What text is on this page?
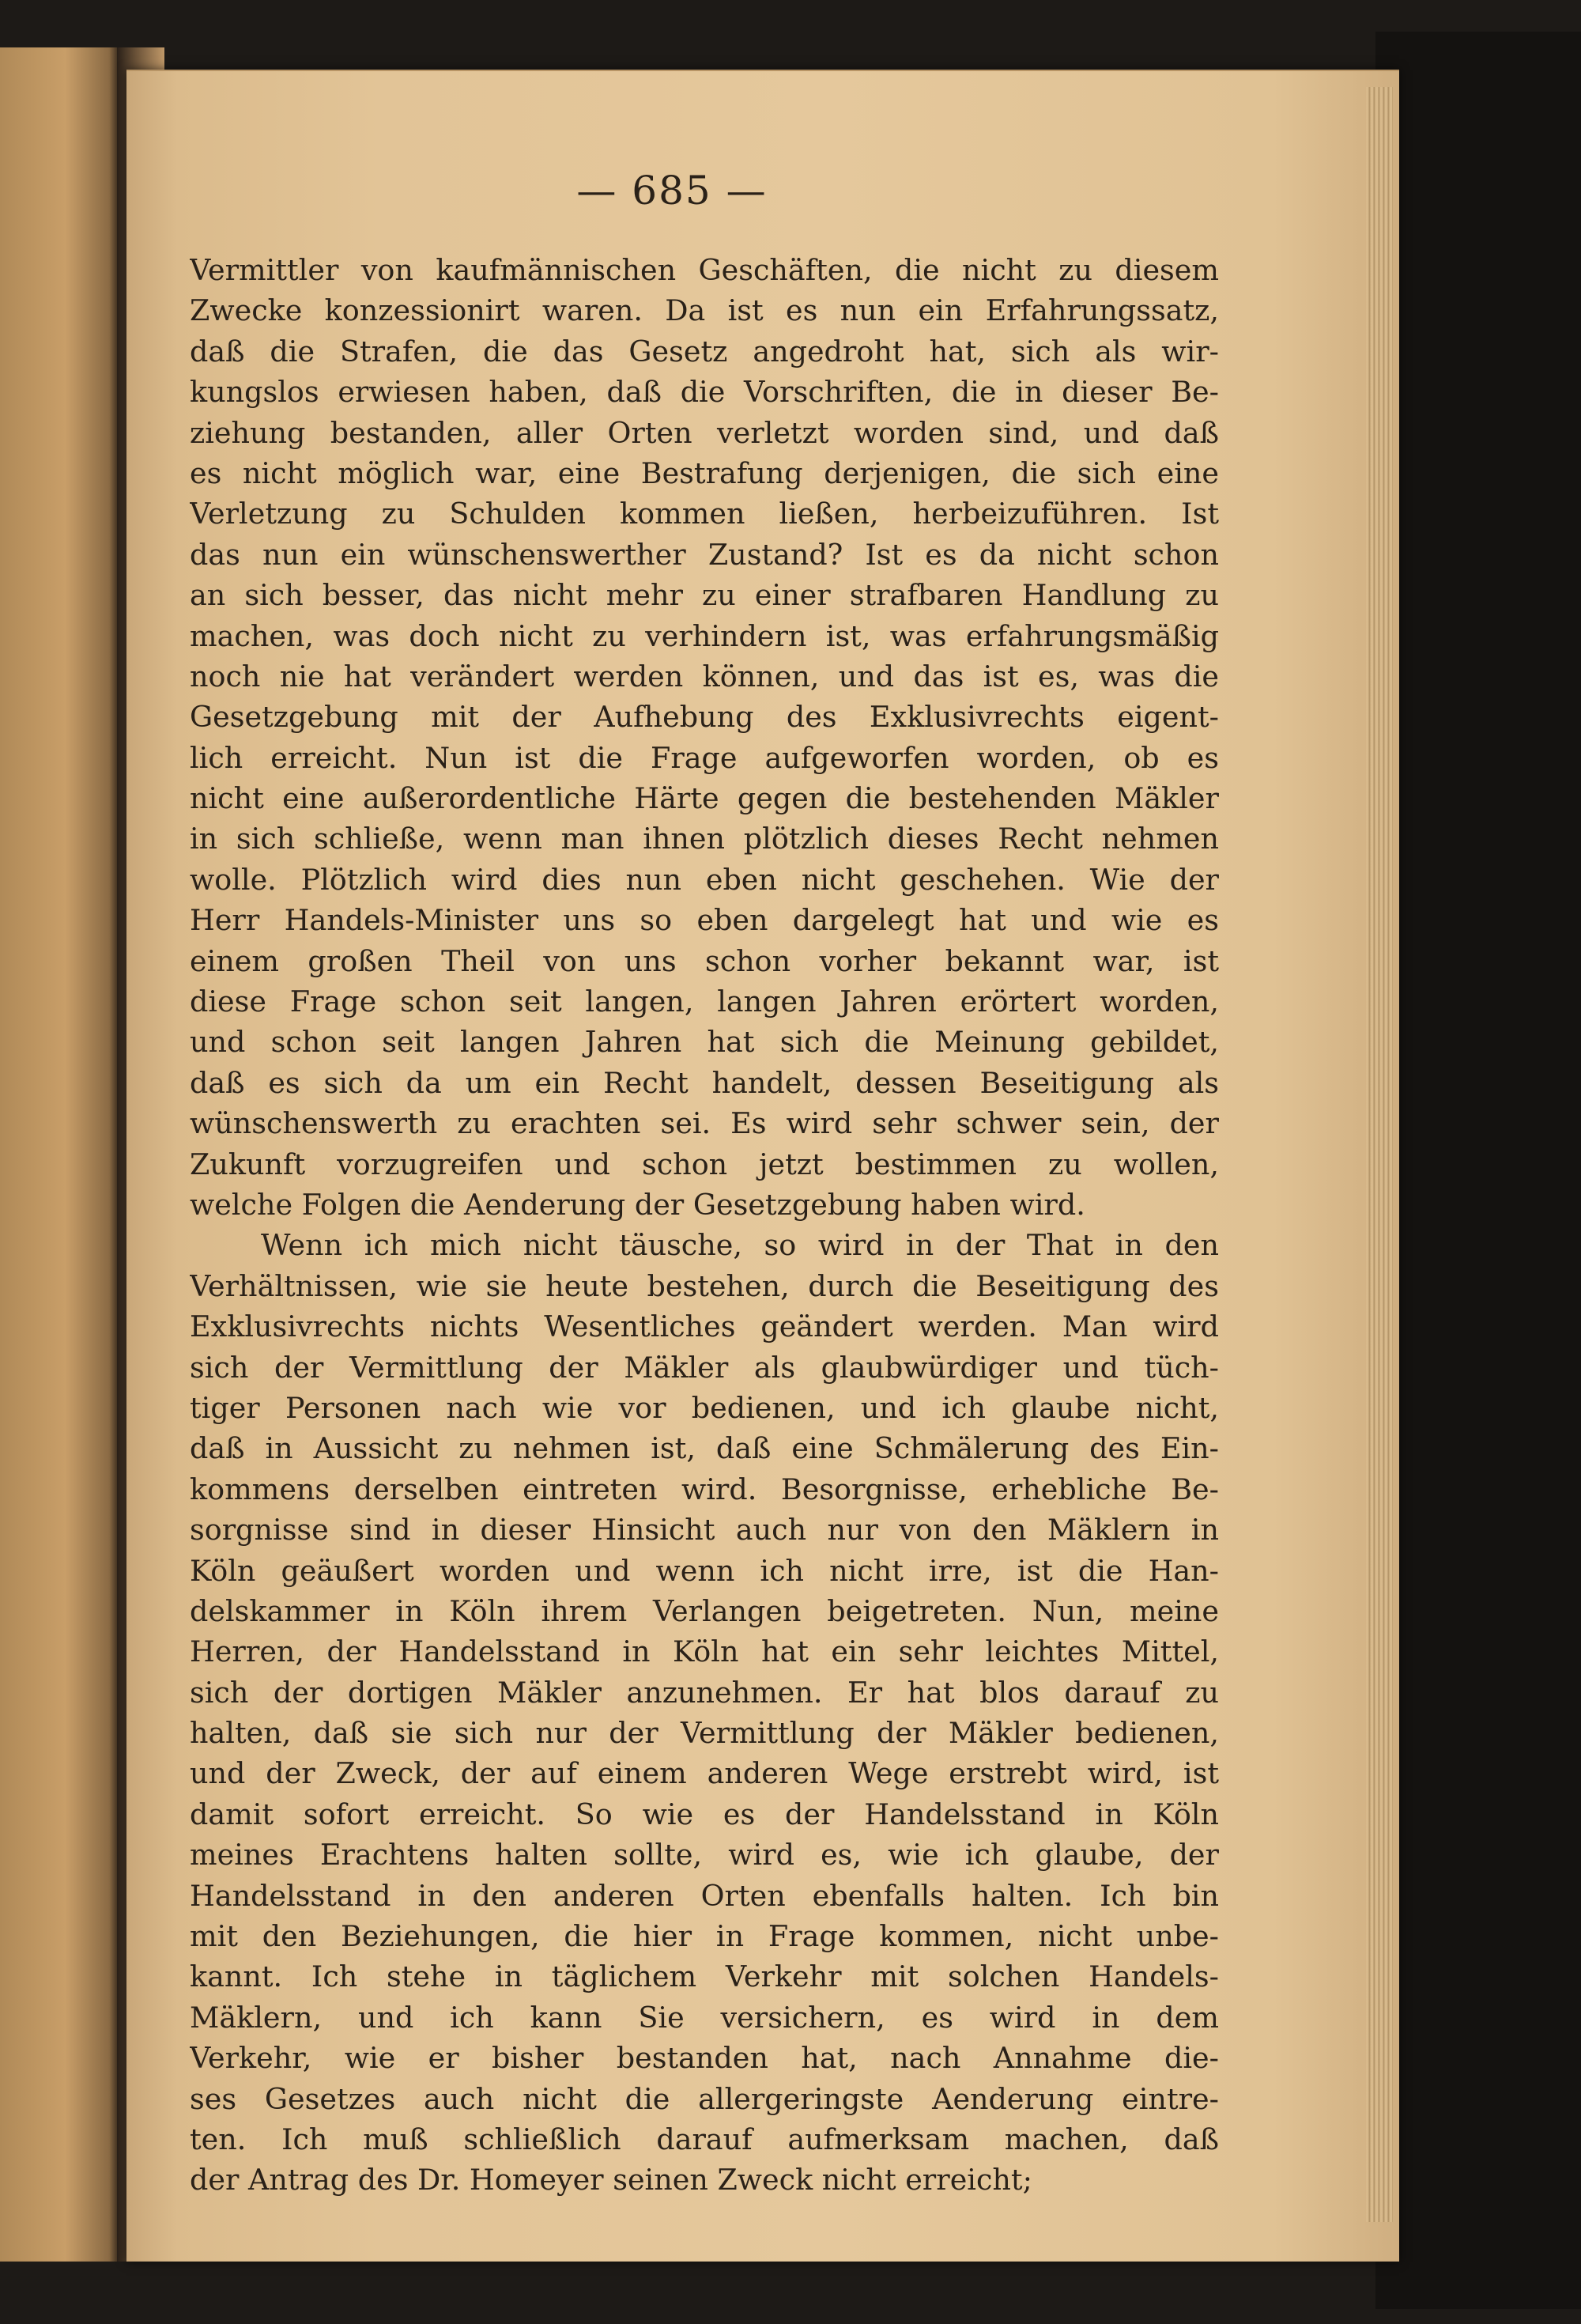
— 685 —
Vermittler von kaufmännischen Geschäften, die nicht zu diesem
Zwecke konzessionirt waren. Da ist es nun ein Erfahrungssatz,
daß die Strafen, die das Gesetz angedroht hat, sich als wir-
kungslos erwiesen haben, daß die Vorschriften, die in dieser Be-
ziehung bestanden, aller Orten verletzt worden sind, und daß
es nicht möglich war, eine Bestrafung derjenigen, die sich eine
Verletzung zu Schulden kommen ließen, herbeizuführen. Ist
das nun ein wünschenswerther Zustand? Ist es da nicht schon
an sich besser, das nicht mehr zu einer strafbaren Handlung zu
machen, was doch nicht zu verhindern ist, was erfahrungsmäßig
noch nie hat verändert werden können, und das ist es, was die
Gesetzgebung mit der Aufhebung des Exklusivrechts eigent-
lich erreicht. Nun ist die Frage aufgeworfen worden, ob es
nicht eine außerordentliche Härte gegen die bestehenden Mäkler
in sich schließe, wenn man ihnen plötzlich dieses Recht nehmen
wolle. Plötzlich wird dies nun eben nicht geschehen. Wie der
Herr Handels-Minister uns so eben dargelegt hat und wie es
einem großen Theil von uns schon vorher bekannt war, ist
diese Frage schon seit langen, langen Jahren erörtert worden,
und schon seit langen Jahren hat sich die Meinung gebildet,
daß es sich da um ein Recht handelt, dessen Beseitigung als
wünschenswerth zu erachten sei. Es wird sehr schwer sein, der
Zukunft vorzugreifen und schon jetzt bestimmen zu wollen,
welche Folgen die Aenderung der Gesetzgebung haben wird.
Wenn ich mich nicht täusche, so wird in der That in den
Verhältnissen, wie sie heute bestehen, durch die Beseitigung des
Exklusivrechts nichts Wesentliches geändert werden. Man wird
sich der Vermittlung der Mäkler als glaubwürdiger und tüch-
tiger Personen nach wie vor bedienen, und ich glaube nicht,
daß in Aussicht zu nehmen ist, daß eine Schmälerung des Ein-
kommens derselben eintreten wird. Besorgnisse, erhebliche Be-
sorgnisse sind in dieser Hinsicht auch nur von den Mäklern in
Köln geäußert worden und wenn ich nicht irre, ist die Han-
delskammer in Köln ihrem Verlangen beigetreten. Nun, meine
Herren, der Handelsstand in Köln hat ein sehr leichtes Mittel,
sich der dortigen Mäkler anzunehmen. Er hat blos darauf zu
halten, daß sie sich nur der Vermittlung der Mäkler bedienen,
und der Zweck, der auf einem anderen Wege erstrebt wird, ist
damit sofort erreicht. So wie es der Handelsstand in Köln
meines Erachtens halten sollte, wird es, wie ich glaube, der
Handelsstand in den anderen Orten ebenfalls halten. Ich bin
mit den Beziehungen, die hier in Frage kommen, nicht unbe-
kannt. Ich stehe in täglichem Verkehr mit solchen Handels-
Mäklern, und ich kann Sie versichern, es wird in dem
Verkehr, wie er bisher bestanden hat, nach Annahme die-
ses Gesetzes auch nicht die allergeringste Aenderung eintre-
ten. Ich muß schließlich darauf aufmerksam machen, daß
der Antrag des Dr. Homeyer seinen Zweck nicht erreicht;
